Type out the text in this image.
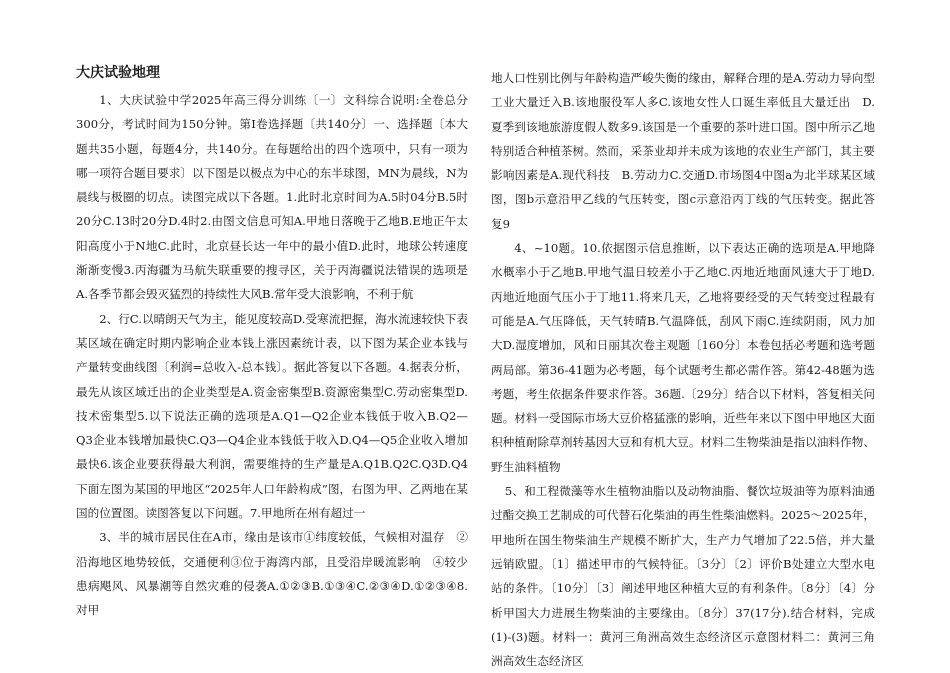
大庆试验地理

1、大庆试验中学2025年高三得分训练〔一〕文科综合说明:全卷总分 300分，考试时间为150分钟。第Ⅰ卷选择题〔共140分〕一、选择题〔本大题共35小题，每题4分，共140分。在每题给出的四个选项中，只有一项为哪一项符合题目要求〕以下图是以极点为中心的东半球图，MN为晨线，N为晨线与极圈的切点。读图完成以下各题。1.此时北京时间为A.5时04分B.5时20分C.13时20分D.4时2.由图文信息可知A.甲地日落晚于乙地B.E地正午太阳高度小于N地C.此时，北京昼长达一年中的最小值D.此时，地球公转速度渐渐变慢3.丙海疆为马航失联重要的搜寻区，关于丙海疆说法错误的选项是A.各季节都会毁灭猛烈的持续性大风B.常年受大浪影响，不利于航

2、行C.以晴朗天气为主，能见度较高D.受寒流把握，海水流速较快下表某区域在确定时期内影响企业本钱上涨因素统计表，以下图为某企业本钱与产量转变曲线图〔利润=总收入-总本钱〕。据此答复以下各题。4.据表分析，最先从该区域迁出的企业类型是A.资金密集型B.资源密集型C.劳动密集型D.技术密集型5.以下说法正确的选项是A.Q1—Q2企业本钱低于收入B.Q2—Q3企业本钱增加最快C.Q3—Q4企业本钱低于收入D.Q4—Q5企业收入增加最快6.该企业要获得最大利润，需要维持的生产量是A.Q1B.Q2C.Q3D.Q4下面左图为某国的甲地区“2025年人口年龄构成”图，右图为甲、乙两地在某国的位置图。读图答复以下问题。7.甲地所在州有超过一

3、半的城市居民住在A市，缘由是该市①纬度较低，气候相对温存　②沿海地区地势较低，交通便利③位于海湾内部，且受沿岸暖流影响　④较少患病飓风、风暴潮等自然灾难的侵袭A.①②③B.①③④C.②③④D.①②③④8.对甲

地人口性别比例与年龄构造严峻失衡的缘由，解释合理的是A.劳动力导向型工业大量迁入B.该地服役军人多C.该地女性人口诞生率低且大量迁出　D.夏季到该地旅游度假人数多9.该国是一个重要的茶叶进口国。图中所示乙地特别适合种植茶树。然而，采茶业却并未成为该地的农业生产部门，其主要影响因素是A.现代科技　B.劳动力C.交通D.市场图4中图a为北半球某区域图，图b示意沿甲乙线的气压转变，图c示意沿丙丁线的气压转变。据此答复9

4、~10题。10.依据图示信息推断，以下表达正确的选项是A.甲地降水概率小于乙地B.甲地气温日较差小于乙地C.丙地近地面风速大于丁地D.丙地近地面气压小于丁地11.将来几天，乙地将要经受的天气转变过程最有可能是A.气压降低，天气转晴B.气温降低，刮风下雨C.连续阴雨，风力加大D.湿度增加，风和日丽其次卷主观题〔160分〕本卷包括必考题和选考题两局部。第36-41题为必考题，每个试题考生都必需作答。第42-48题为选考题，考生依据条件要求作答。36题.〔29分〕结合以下材料，答复相关问题。材料一受国际市场大豆价格猛涨的影响，近些年来以下图中甲地区大面积种植耐除草剂转基因大豆和有机大豆。材料二生物柴油是指以油料作物、野生油料植物

5、和工程微藻等水生植物油脂以及动物油脂、餐饮垃圾油等为原料油通过酯交换工艺制成的可代替石化柴油的再生性柴油燃料。2025～2025年，甲地所在国生物柴油生产规模不断扩大，生产力气增加了22.5倍，并大量远销欧盟。〔1〕描述甲市的气候特征。〔3分〕〔2〕评价B处建立大型水电站的条件。〔10分〕〔3〕阐述甲地区种植大豆的有利条件。〔8分〕〔4〕分析甲国大力进展生物柴油的主要缘由。〔8分〕37(17分).结合材料，完成(1)-(3)题。材料一：黄河三角洲高效生态经济区示意图材料二：黄河三角洲高效生态经济区
